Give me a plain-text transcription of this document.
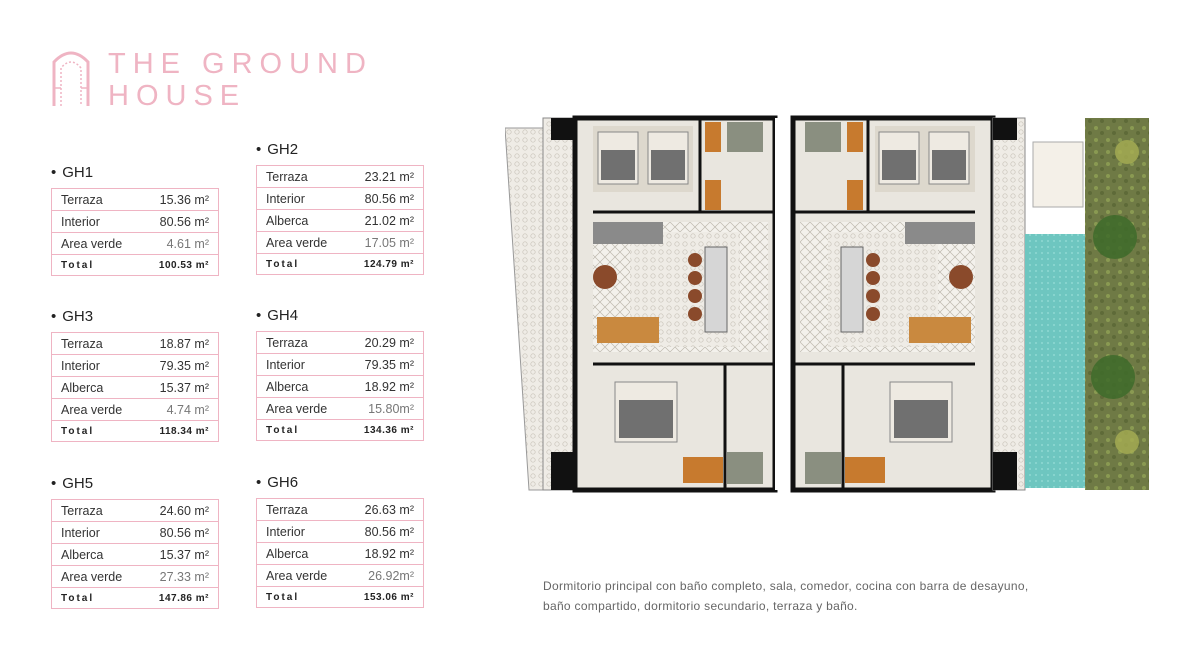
THE GROUND
HOUSE
• GH1
Terraza	15.36 m²
Interior	80.56 m²
Area verde	4.61 m²
Total	100.53 m²
• GH2
Terraza	23.21 m²
Interior	80.56 m²
Alberca	21.02 m²
Area verde	17.05 m²
Total	124.79 m²
• GH3
Terraza	18.87 m²
Interior	79.35 m²
Alberca	15.37 m²
Area verde	4.74 m²
Total	118.34 m²
• GH4
Terraza	20.29 m²
Interior	79.35 m²
Alberca	18.92 m²
Area verde	15.80m²
Total	134.36 m²
• GH5
Terraza	24.60 m²
Interior	80.56 m²
Alberca	15.37 m²
Area verde	27.33 m²
Total	147.86 m²
• GH6
Terraza	26.63 m²
Interior	80.56 m²
Alberca	18.92 m²
Area verde	26.92m²
Total	153.06 m²
Dormitorio principal con baño completo, sala, comedor, cocina con barra de desayuno,
baño compartido, dormitorio secundario, terraza y baño.
